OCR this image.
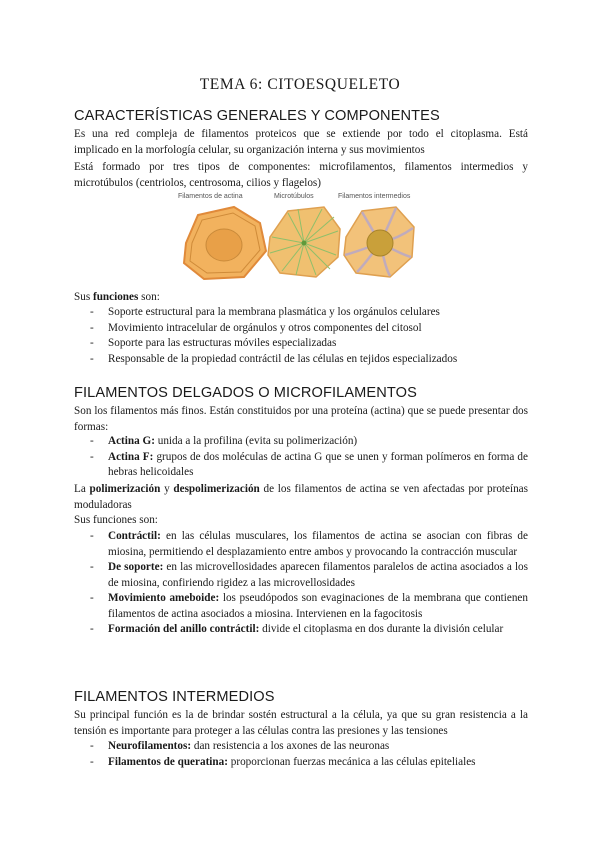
TEMA 6: CITOESQUELETO
CARACTERÍSTICAS GENERALES Y COMPONENTES

Es una red compleja de filamentos proteicos que se extiende por todo el citoplasma. Está

implicado en la morfología celular, su organización interna y sus movimientos

Está formado por tres tipos de componentes: microfilamentos, filamentos intermedios y

microtúbulos (centriolos, centrosoma, cilios y flagelos)

Filamentos de actina	Microtúbulos	Filamentos intermedios

Sus funciones son:

- Soporte estructural para la membrana plasmática y los orgánulos celulares
- Movimiento intracelular de orgánulos y otros componentes del citosol
- Soporte para las estructuras móviles especializadas
- Responsable de la propiedad contráctil de las células en tejidos especializados
FILAMENTOS DELGADOS O MICROFILAMENTOS

Son los filamentos más finos. Están constituidos por una proteína (actina) que se puede presentar dos formas:

- Actina G: unida a la profilina (evita su polimerización)
- Actina F: grupos de dos moléculas de actina G que se unen y forman polímeros en forma de hebras helicoidales

La polimerización y despolimerización de los filamentos de actina se ven afectadas por proteínas moduladoras

Sus funciones son:

- Contráctil: en las células musculares, los filamentos de actina se asocian con fibras de miosina, permitiendo el desplazamiento entre ambos y provocando la contracción muscular
- De soporte: en las microvellosidades aparecen filamentos paralelos de actina asociados a los de miosina, confiriendo rigidez a las microvellosidades
- Movimiento ameboide: los pseudópodos son evaginaciones de la membrana que contienen filamentos de actina asociados a miosina. Intervienen en la fagocitosis
- Formación del anillo contráctil: divide el citoplasma en dos durante la división celular
FILAMENTOS INTERMEDIOS

Su principal función es la de brindar sostén estructural a la célula, ya que su gran resistencia a la tensión es importante para proteger a las células contra las presiones y las tensiones

- Neurofilamentos: dan resistencia a los axones de las neuronas
- Filamentos de queratina: proporcionan fuerzas mecánica a las células epiteliales
